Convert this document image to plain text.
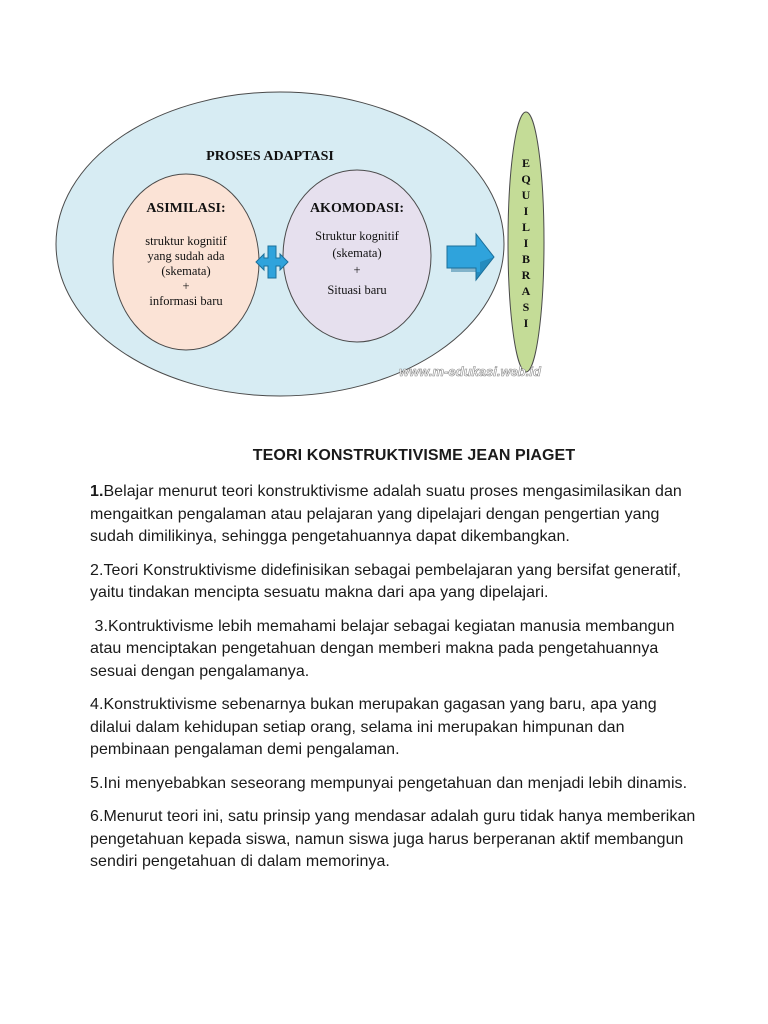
PROSES ADAPTASI
ASIMILASI:
struktur kognitif
yang sudah ada
(skemata)
+
informasi baru
AKOMODASI:
Struktur kognitif
(skemata)
+
Situasi baru
E
Q
U
I
L
I
B
R
A
S
I
www.m-edukasi.web.id
TEORI KONSTRUKTIVISME JEAN PIAGET
1.Belajar menurut teori konstruktivisme adalah suatu proses mengasimilasikan dan mengaitkan pengalaman atau pelajaran yang dipelajari dengan pengertian yang sudah dimilikinya, sehingga pengetahuannya dapat dikembangkan.
2.Teori Konstruktivisme didefinisikan sebagai pembelajaran yang bersifat generatif, yaitu tindakan mencipta sesuatu makna dari apa yang dipelajari.
3.Kontruktivisme lebih memahami belajar sebagai kegiatan manusia membangun atau menciptakan pengetahuan dengan memberi makna pada pengetahuannya sesuai dengan pengalamanya.
4.Konstruktivisme sebenarnya bukan merupakan gagasan yang baru, apa yang dilalui dalam kehidupan setiap orang, selama ini merupakan himpunan dan pembinaan pengalaman demi pengalaman.
5.Ini menyebabkan seseorang mempunyai pengetahuan dan menjadi lebih dinamis.
6.Menurut teori ini, satu prinsip yang mendasar adalah guru tidak hanya memberikan pengetahuan kepada siswa, namun siswa juga harus berperanan aktif membangun sendiri pengetahuan di dalam memorinya.
